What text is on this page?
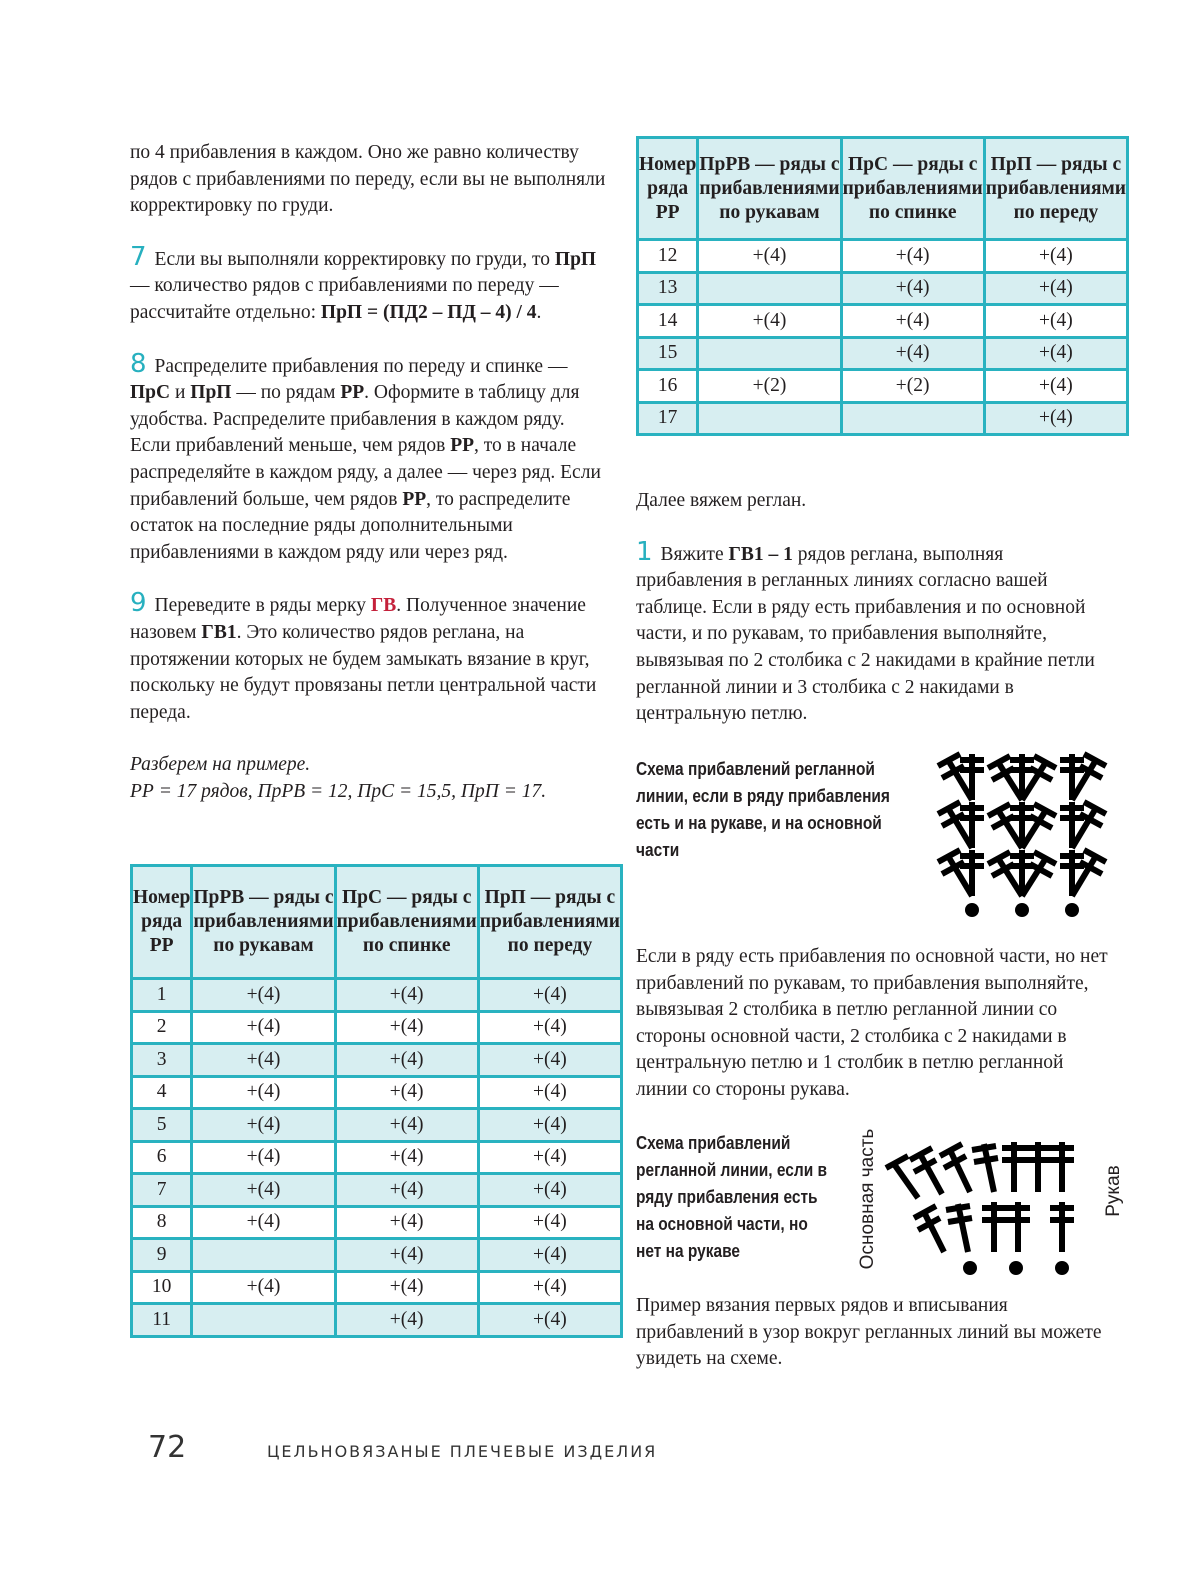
по 4 прибавления в каждом. Оно же равно количеству рядов с прибавлениями по переду, если вы не выполняли корректировку по груди.

7 Если вы выполняли корректировку по груди, то ПрП — количество рядов с прибавлениями по переду — рассчитайте отдельно: ПрП = (ПД2 – ПД – 4) / 4.

8 Распределите прибавления по переду и спинке — ПрС и ПрП — по рядам РР. Оформите в таблицу для удобства. Распределите прибавления в каждом ряду. Если прибавлений меньше, чем рядов РР, то в начале распределяйте в каждом ряду, а далее — через ряд. Если прибавлений больше, чем рядов РР, то распределите остаток на последние ряды дополнительными прибавлениями в каждом ряду или через ряд.

9 Переведите в ряды мерку ГВ. Полученное значение назовем ГВ1. Это количество рядов реглана, на протяжении которых не будем замыкать вязание в круг, поскольку не будут провязаны петли центральной части переда.

Разберем на примере.

РР = 17 рядов, ПрРВ = 12, ПрС = 15,5, ПрП = 17.

Номер ряда РР	ПрРВ — ряды с прибавлениями по рукавам	ПрС — ряды с прибавлениями по спинке	ПрП — ряды с прибавлениями по переду
1	+(4)	+(4)	+(4)
2	+(4)	+(4)	+(4)
3	+(4)	+(4)	+(4)
4	+(4)	+(4)	+(4)
5	+(4)	+(4)	+(4)
6	+(4)	+(4)	+(4)
7	+(4)	+(4)	+(4)
8	+(4)	+(4)	+(4)
9		+(4)	+(4)
10	+(4)	+(4)	+(4)
11		+(4)	+(4)
Номер ряда РР	ПрРВ — ряды с прибавлениями по рукавам	ПрС — ряды с прибавлениями по спинке	ПрП — ряды с прибавлениями по переду
12	+(4)	+(4)	+(4)
13		+(4)	+(4)
14	+(4)	+(4)	+(4)
15		+(4)	+(4)
16	+(2)	+(2)	+(4)
17			+(4)

Далее вяжем реглан.

1 Вяжите ГВ1 – 1 рядов реглана, выполняя прибавления в регланных линиях согласно вашей таблице. Если в ряду есть прибавления и по основной части, и по рукавам, то прибавления выполняйте, вывязывая по 2 столбика с 2 накидами в крайние петли регланной линии и 3 столбика с 2 накидами в центральную петлю.

Схема прибавлений регланной линии, если в ряду прибавления есть и на рукаве, и на основной части

Если в ряду есть прибавления по основной части, но нет прибавлений по рукавам, то прибавления выполняйте, вывязывая 2 столбика в петлю регланной линии со стороны основной части, 2 столбика с 2 накидами в центральную петлю и 1 столбик в петлю регланной линии со стороны рукава.

Схема прибавлений регланной линии, если в ряду прибавления есть на основной части, но нет на рукаве	Основная часть	Рукав

Пример вязания первых рядов и вписывания прибавлений в узор вокруг регланных линий вы можете увидеть на схеме.

72	ЦЕЛЬНОВЯЗАНЫЕ ПЛЕЧЕВЫЕ ИЗДЕЛИЯ
